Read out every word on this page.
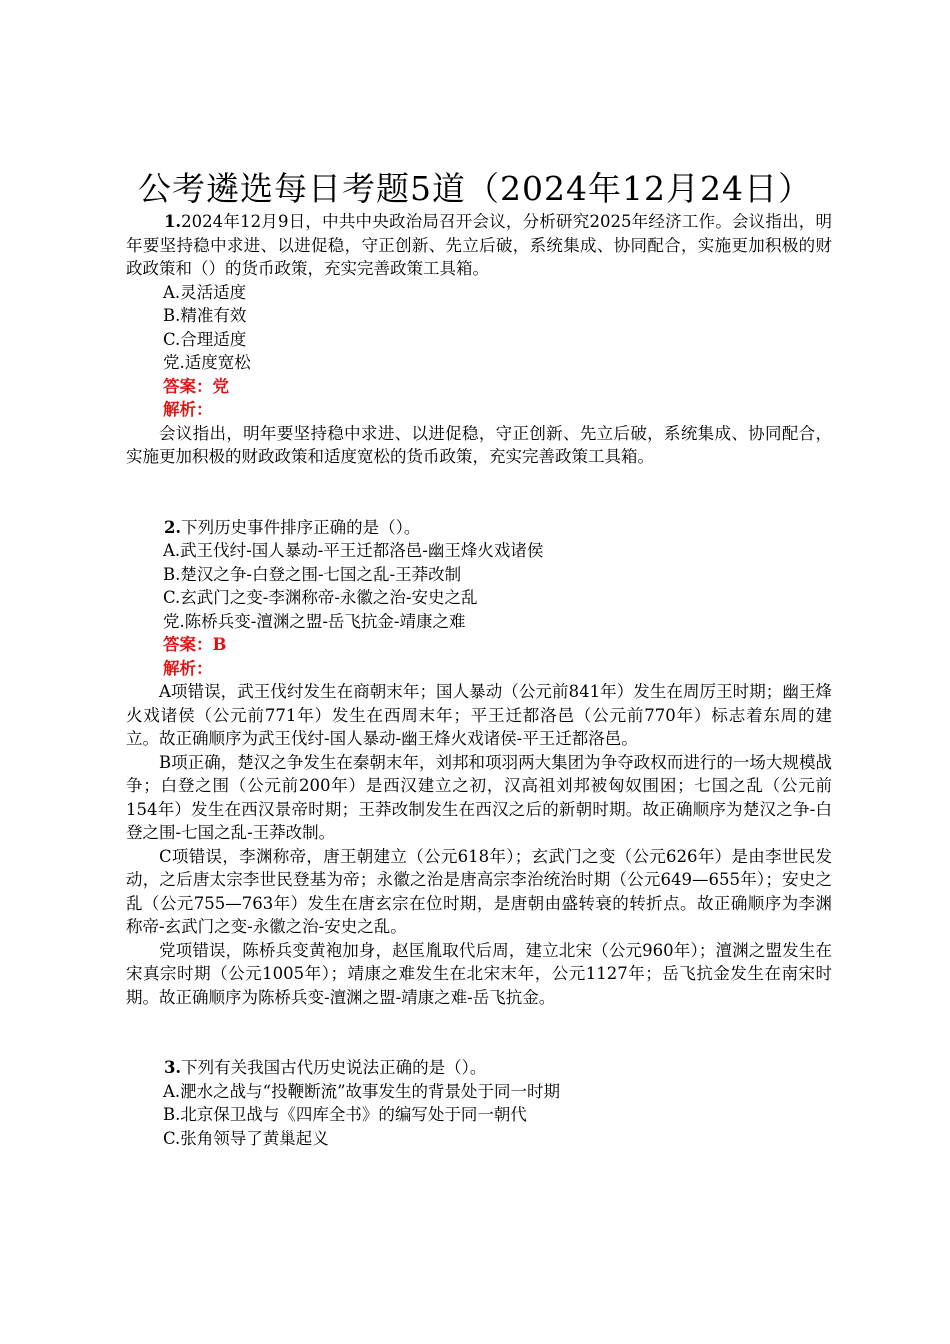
公考遴选每日考题5道（2024年12月24日）

1.2024年12月9日，中共中央政治局召开会议，分析研究2025年经济工作。会议指出，明年要坚持稳中求进、以进促稳，守正创新、先立后破，系统集成、协同配合，实施更加积极的财政政策和（）的货币政策，充实完善政策工具箱。

A.灵活适度

B.精准有效

C.合理适度

党.适度宽松

答案：党

解析：

会议指出，明年要坚持稳中求进、以进促稳，守正创新、先立后破，系统集成、协同配合，实施更加积极的财政政策和适度宽松的货币政策，充实完善政策工具箱。

2.下列历史事件排序正确的是（）。

A.武王伐纣-国人暴动-平王迁都洛邑-幽王烽火戏诸侯

B.楚汉之争-白登之围-七国之乱-王莽改制

C.玄武门之变-李渊称帝-永徽之治-安史之乱

党.陈桥兵变-澶渊之盟-岳飞抗金-靖康之难

答案：B

解析：

A项错误，武王伐纣发生在商朝末年；国人暴动（公元前841年）发生在周厉王时期；幽王烽火戏诸侯（公元前771年）发生在西周末年；平王迁都洛邑（公元前770年）标志着东周的建立。故正确顺序为武王伐纣-国人暴动-幽王烽火戏诸侯-平王迁都洛邑。

B项正确，楚汉之争发生在秦朝末年，刘邦和项羽两大集团为争夺政权而进行的一场大规模战争；白登之围（公元前200年）是西汉建立之初，汉高祖刘邦被匈奴围困；七国之乱（公元前154年）发生在西汉景帝时期；王莽改制发生在西汉之后的新朝时期。故正确顺序为楚汉之争-白登之围-七国之乱-王莽改制。

C项错误，李渊称帝，唐王朝建立（公元618年）；玄武门之变（公元626年）是由李世民发动，之后唐太宗李世民登基为帝；永徽之治是唐高宗李治统治时期（公元649—655年）；安史之乱（公元755—763年）发生在唐玄宗在位时期，是唐朝由盛转衰的转折点。故正确顺序为李渊称帝-玄武门之变-永徽之治-安史之乱。

党项错误，陈桥兵变黄袍加身，赵匡胤取代后周，建立北宋（公元960年）；澶渊之盟发生在宋真宗时期（公元1005年）；靖康之难发生在北宋末年，公元1127年；岳飞抗金发生在南宋时期。故正确顺序为陈桥兵变-澶渊之盟-靖康之难-岳飞抗金。

3.下列有关我国古代历史说法正确的是（）。

A.淝水之战与“投鞭断流”故事发生的背景处于同一时期

B.北京保卫战与《四库全书》的编写处于同一朝代

C.张角领导了黄巢起义
